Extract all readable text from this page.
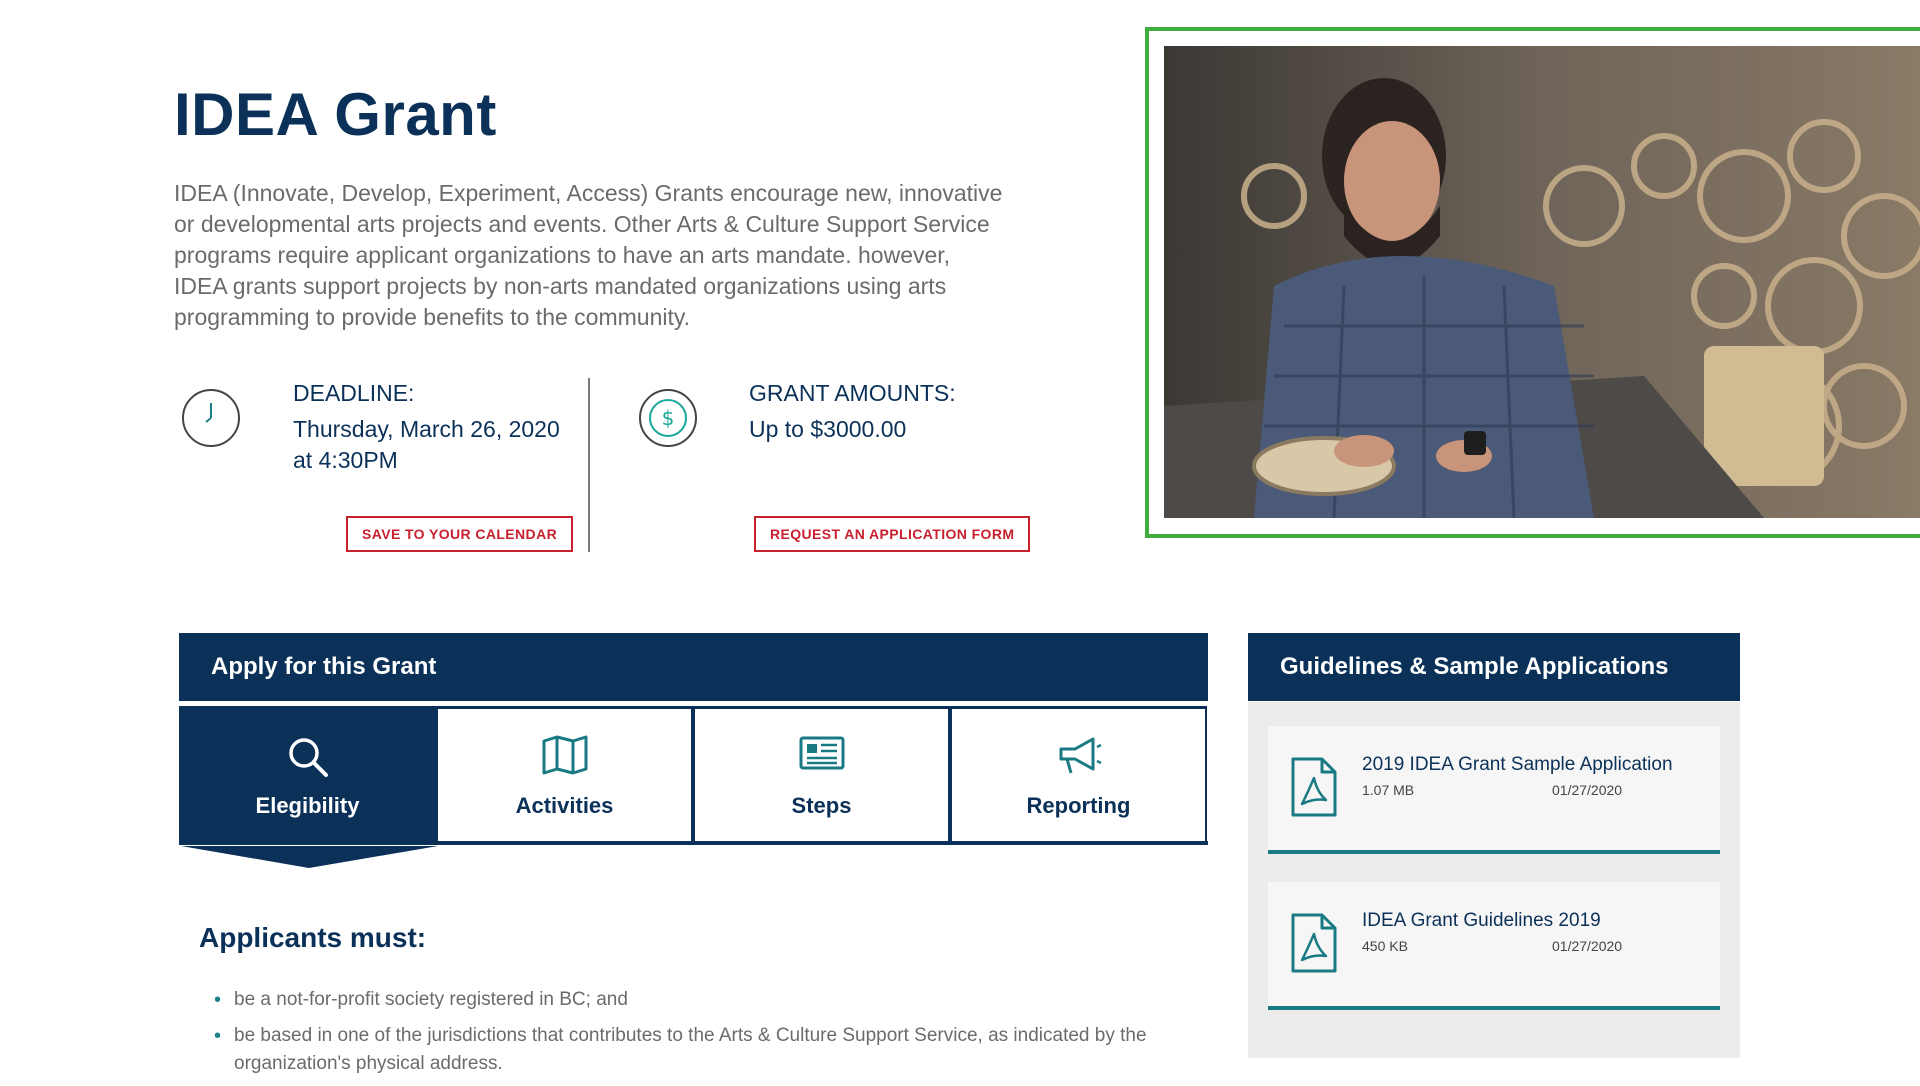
IDEA Grant

IDEA (Innovate, Develop, Experiment, Access) Grants encourage new, innovative or developmental arts projects and events. Other Arts & Culture Support Service programs require applicant organizations to have an arts mandate. however, IDEA grants support projects by non-arts mandated organizations using arts programming to provide benefits to the community.

DEADLINE:
Thursday, March 26, 2020
at 4:30PM
SAVE TO YOUR CALENDAR
$
GRANT AMOUNTS:
Up to $3000.00
REQUEST AN APPLICATION FORM
Apply for this Grant
Elegibility	Activities	Steps	Reporting
Applicants must:
• be a not-for-profit society registered in BC; and
• be based in one of the jurisdictions that contributes to the Arts & Culture Support Service, as indicated by the organization's physical address.
Guidelines & Sample Applications
2019 IDEA Grant Sample Application
1.07 MB	01/27/2020
IDEA Grant Guidelines 2019
450 KB	01/27/2020
